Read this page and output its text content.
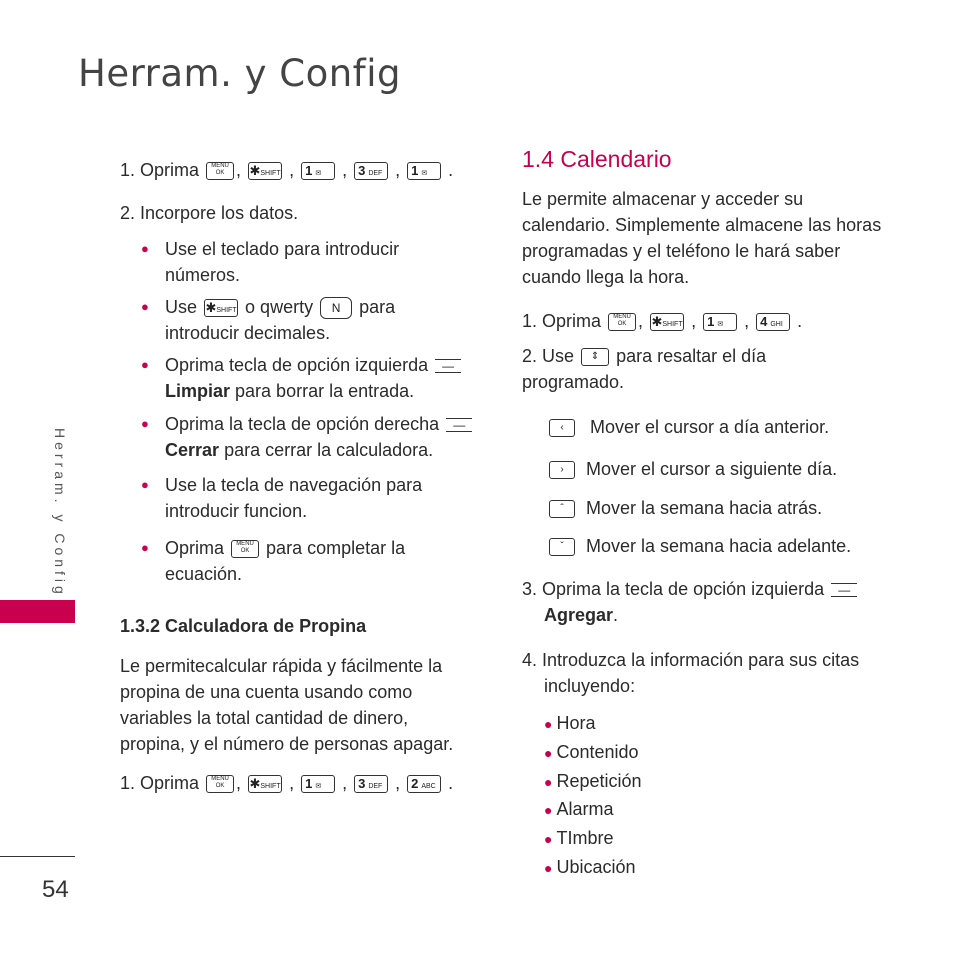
Herram. y Config
Herram. y Config
54
1. Oprima	MENU
OK , ✱SHIFT , 1 ✉ , 3 DEF , 1 ✉ .
2. Incorpore los datos.
● Use el teclado para introducir números.
● Use ✱SHIFT o qwerty N para introducir decimales.
● Oprima tecla de opción izquierda — Limpiar para borrar la entrada.
● Oprima la tecla de opción derecha — Cerrar para cerrar la calculadora.
● Use la tecla de navegación para introducir funcion.
● Oprima	MENU
OK para completar la ecuación.
1.3.2 Calculadora de Propina
Le permitecalcular rápida y fácilmente la propina de una cuenta usando como variables la total cantidad de dinero, propina, y el número de personas apagar.
1. Oprima	MENU
OK , ✱SHIFT , 1 ✉ , 3 DEF , 2 ABC .
1.4 Calendario
Le permite almacenar y acceder su calendario. Simplemente almacene las horas programadas y el teléfono le hará saber cuando llega la hora.
1. Oprima	MENU
OK , ✱SHIFT , 1 ✉ , 4 GHI .
2. Use ⇕ para resaltar el día programado.
‹ Mover el cursor a día anterior.
› Mover el cursor a siguiente día.
ˆ Mover la semana hacia atrás.
ˇ Mover la semana hacia adelante.
3. Oprima la tecla de opción izquierda —
Agregar.
4. Introduzca la información para sus citas incluyendo:
● Hora
● Contenido
● Repetición
● Alarma
● TImbre
● Ubicación
